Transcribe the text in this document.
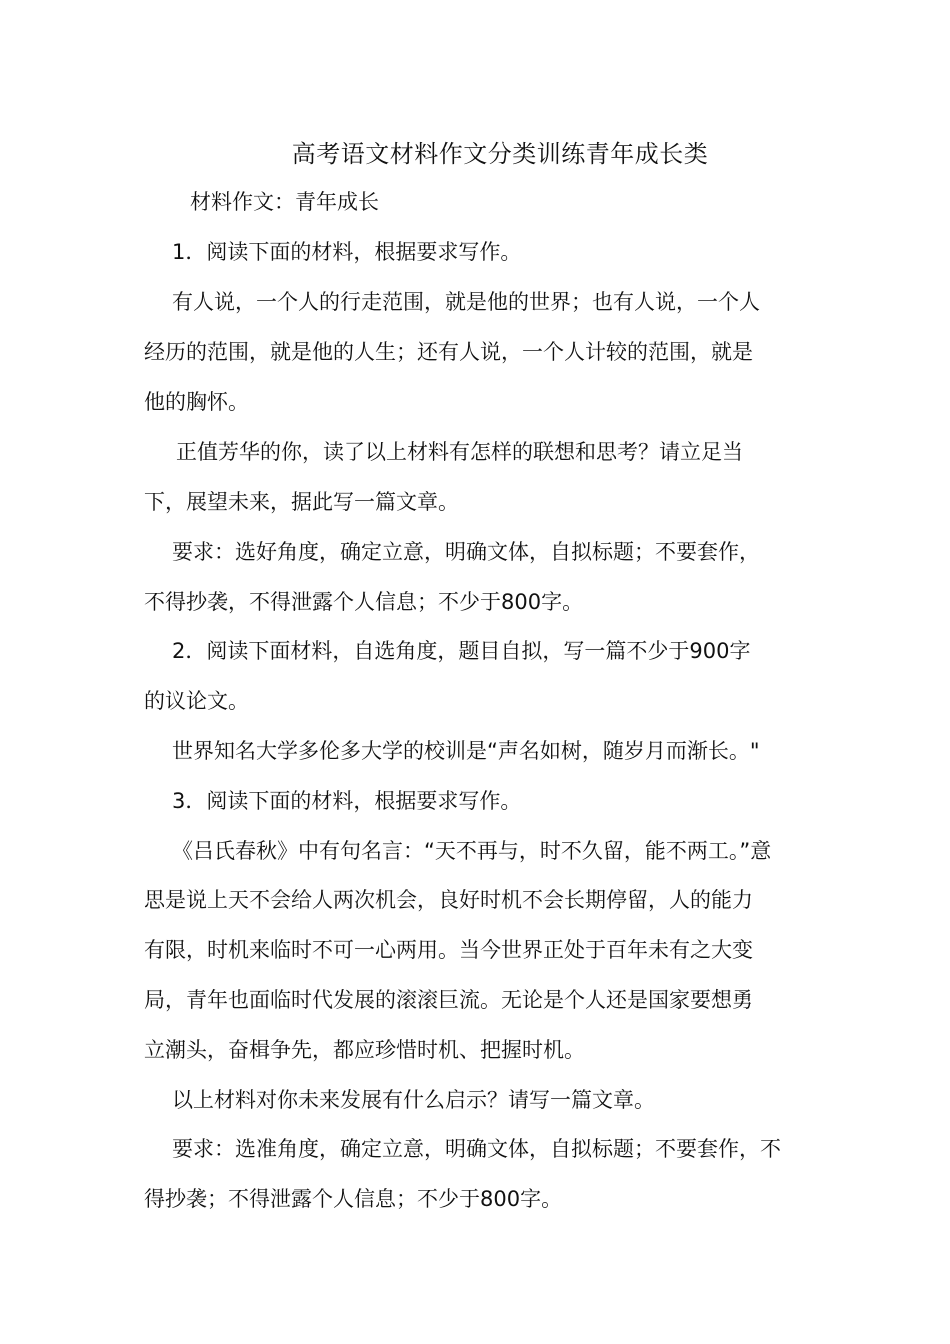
高考语文材料作文分类训练青年成长类
材料作文：青年成长
1．阅读下面的材料，根据要求写作。
有人说，一个人的行走范围，就是他的世界；也有人说，一个人
经历的范围，就是他的人生；还有人说，一个人计较的范围，就是
他的胸怀。
正值芳华的你，读了以上材料有怎样的联想和思考？请立足当
下，展望未来，据此写一篇文章。
要求：选好角度，确定立意，明确文体，自拟标题；不要套作，
不得抄袭，不得泄露个人信息；不少于800字。
2．阅读下面材料，自选角度，题目自拟，写一篇不少于900字
的议论文。
世界知名大学多伦多大学的校训是“声名如树，随岁月而渐长。"
3．阅读下面的材料，根据要求写作。
《吕氏春秋》中有句名言：“天不再与，时不久留，能不两工。”意
思是说上天不会给人两次机会，良好时机不会长期停留，人的能力
有限，时机来临时不可一心两用。当今世界正处于百年未有之大变
局，青年也面临时代发展的滚滚巨流。无论是个人还是国家要想勇
立潮头，奋楫争先，都应珍惜时机、把握时机。
以上材料对你未来发展有什么启示？请写一篇文章。
要求：选准角度，确定立意，明确文体，自拟标题；不要套作，不
得抄袭；不得泄露个人信息；不少于800字。
